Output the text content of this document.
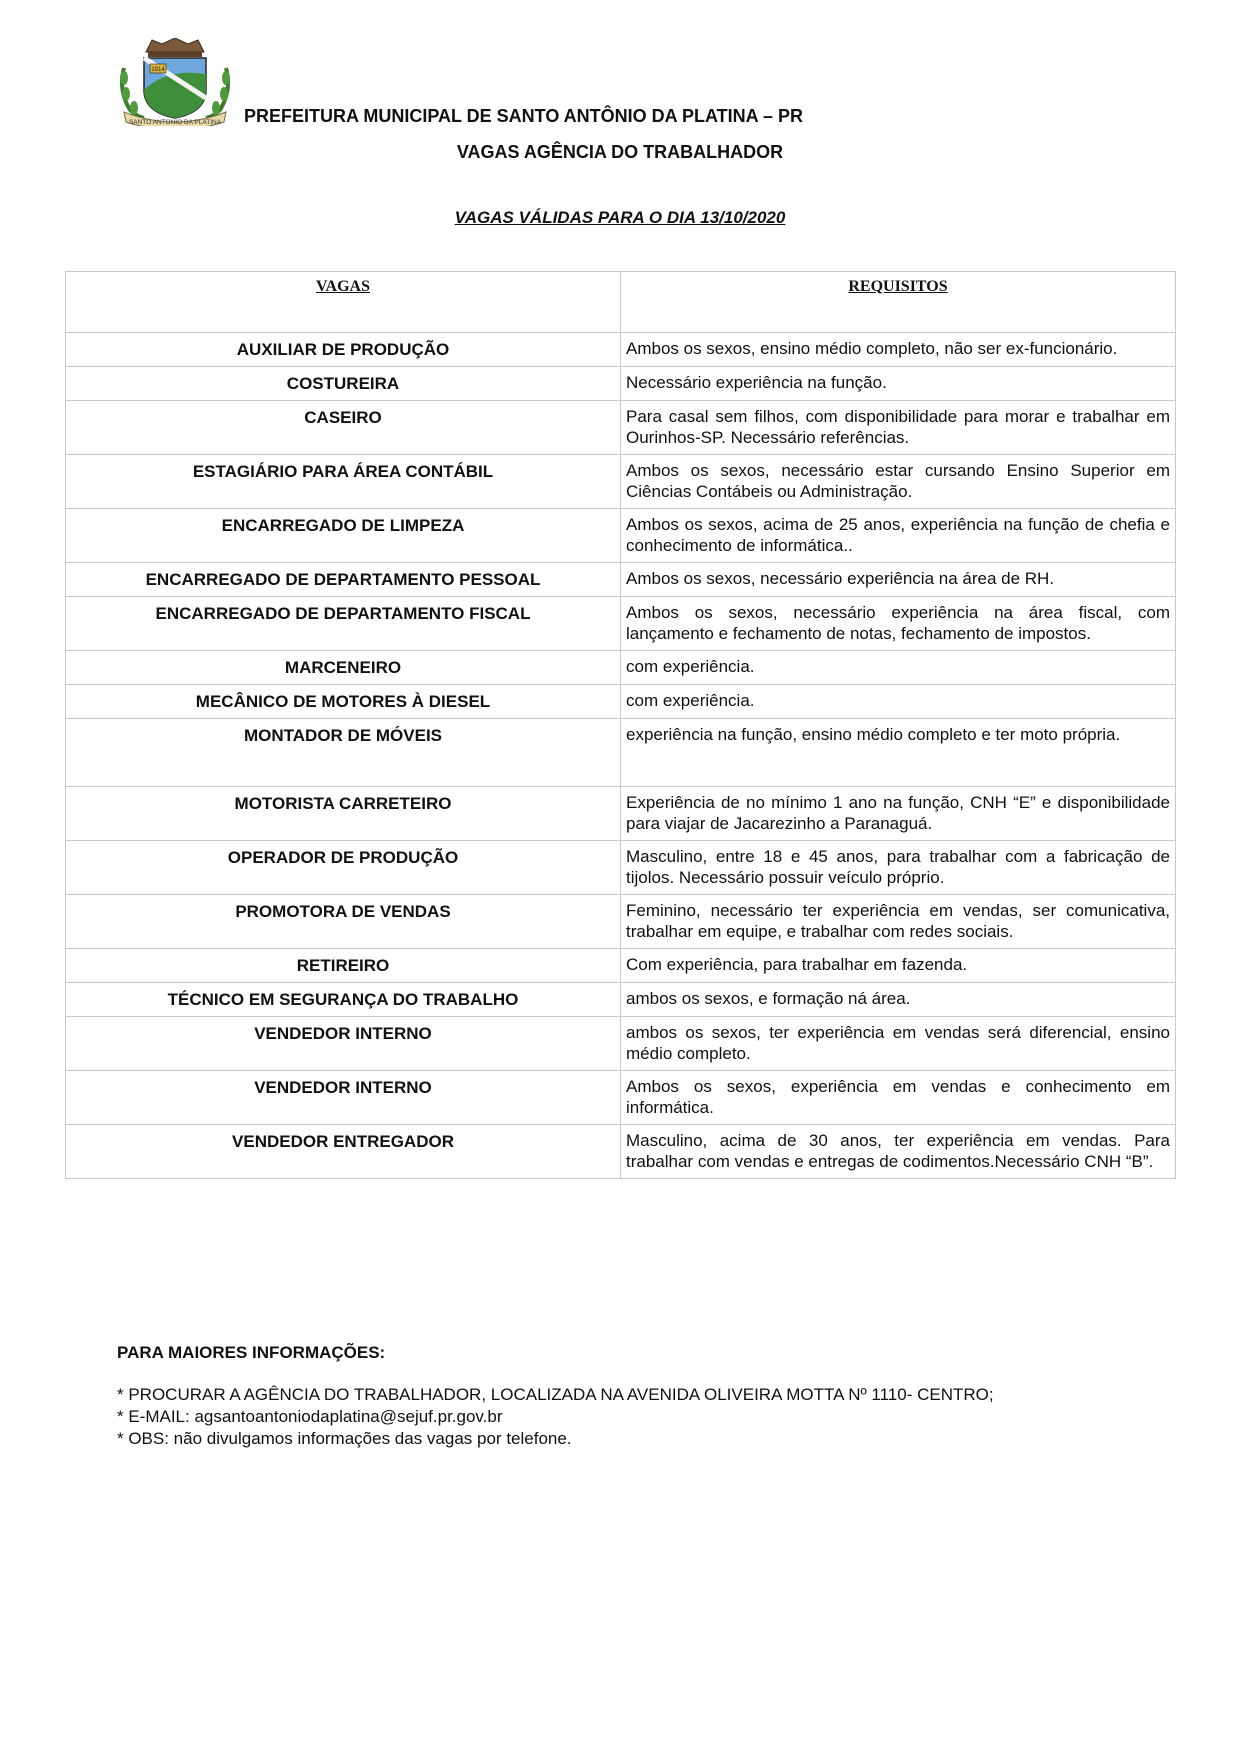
1914
SANTO ANTONIO DA PLATINA PREFEITURA MUNICIPAL DE SANTO ANTÔNIO DA PLATINA – PR
VAGAS AGÊNCIA DO TRABALHADOR
VAGAS VÁLIDAS PARA O DIA 13/10/2020
VAGAS	REQUISITOS
AUXILIAR DE PRODUÇÃO	Ambos os sexos, ensino médio completo, não ser ex-funcionário.
COSTUREIRA	Necessário experiência na função.
CASEIRO	Para casal sem filhos, com disponibilidade para morar e trabalhar em Ourinhos-SP. Necessário referências.
ESTAGIÁRIO PARA ÁREA CONTÁBIL	Ambos os sexos, necessário estar cursando Ensino Superior em Ciências Contábeis ou Administração.
ENCARREGADO DE LIMPEZA	Ambos os sexos, acima de 25 anos, experiência na função de chefia e conhecimento de informática..
ENCARREGADO DE DEPARTAMENTO PESSOAL	Ambos os sexos, necessário experiência na área de RH.
ENCARREGADO DE DEPARTAMENTO FISCAL	Ambos os sexos, necessário experiência na área fiscal, com lançamento e fechamento de notas, fechamento de impostos.
MARCENEIRO	com experiência.
MECÂNICO DE MOTORES À DIESEL	com experiência.
MONTADOR DE MÓVEIS	experiência na função, ensino médio completo e ter moto própria.
MOTORISTA CARRETEIRO	Experiência de no mínimo 1 ano na função, CNH “E” e disponibilidade para viajar de Jacarezinho a Paranaguá.
OPERADOR DE PRODUÇÃO	Masculino, entre 18 e 45 anos, para trabalhar com a fabricação de tijolos. Necessário possuir veículo próprio.
PROMOTORA DE VENDAS	Feminino, necessário ter experiência em vendas, ser comunicativa, trabalhar em equipe, e trabalhar com redes sociais.
RETIREIRO	Com experiência, para trabalhar em fazenda.
TÉCNICO EM SEGURANÇA DO TRABALHO	ambos os sexos, e formação ná área.
VENDEDOR INTERNO	ambos os sexos, ter experiência em vendas será diferencial, ensino médio completo.
VENDEDOR INTERNO	Ambos os sexos, experiência em vendas e conhecimento em informática.
VENDEDOR ENTREGADOR	Masculino, acima de 30 anos, ter experiência em vendas. Para trabalhar com vendas e entregas de codimentos.Necessário CNH “B”.
PARA MAIORES INFORMAÇÕES:
* PROCURAR A AGÊNCIA DO TRABALHADOR, LOCALIZADA NA AVENIDA OLIVEIRA MOTTA Nº 1110- CENTRO;
* E-MAIL: agsantoantoniodaplatina@sejuf.pr.gov.br
* OBS: não divulgamos informações das vagas por telefone.
